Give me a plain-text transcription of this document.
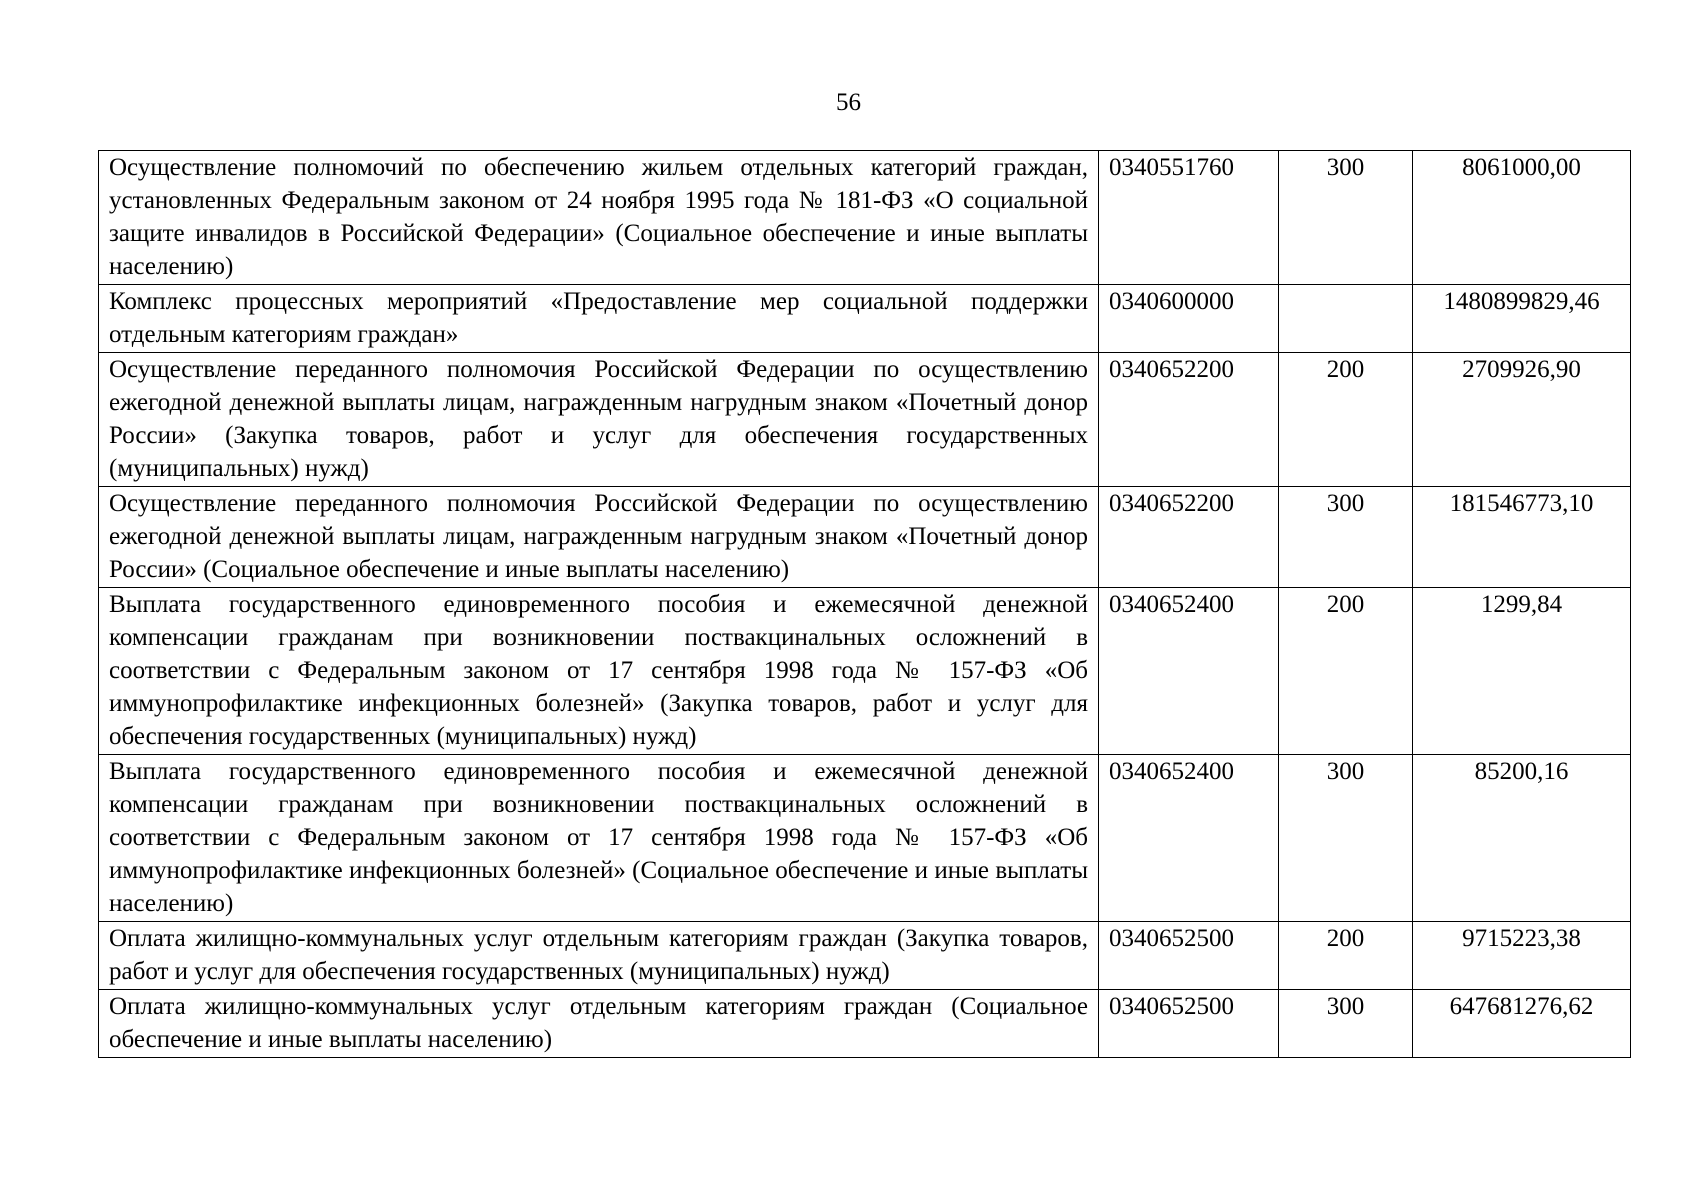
56
Осуществление полномочий по обеспечению жильем отдельных категорий граждан, установленных Федеральным законом от 24 ноября 1995 года № 181-ФЗ «О социальной защите инвалидов в Российской Федерации» (Социальное обеспечение и иные выплаты населению)	0340551760	300	8061000,00
Комплекс процессных мероприятий «Предоставление мер социальной поддержки отдельным категориям граждан»	0340600000		1480899829,46
Осуществление переданного полномочия Российской Федерации по осуществлению ежегодной денежной выплаты лицам, награжденным нагрудным знаком «Почетный донор России» (Закупка товаров, работ и услуг для обеспечения государственных (муниципальных) нужд)	0340652200	200	2709926,90
Осуществление переданного полномочия Российской Федерации по осуществлению ежегодной денежной выплаты лицам, награжденным нагрудным знаком «Почетный донор России» (Социальное обеспечение и иные выплаты населению)	0340652200	300	181546773,10
Выплата государственного единовременного пособия и ежемесячной денежной компенсации гражданам при возникновении поствакцинальных осложнений в соответствии с Федеральным законом от 17 сентября 1998 года № 157-ФЗ «Об иммунопрофилактике инфекционных болезней» (Закупка товаров, работ и услуг для обеспечения государственных (муниципальных) нужд)	0340652400	200	1299,84
Выплата государственного единовременного пособия и ежемесячной денежной компенсации гражданам при возникновении поствакцинальных осложнений в соответствии с Федеральным законом от 17 сентября 1998 года № 157-ФЗ «Об иммунопрофилактике инфекционных болезней» (Социальное обеспечение и иные выплаты населению)	0340652400	300	85200,16
Оплата жилищно-коммунальных услуг отдельным категориям граждан (Закупка товаров, работ и услуг для обеспечения государственных (муниципальных) нужд)	0340652500	200	9715223,38
Оплата жилищно-коммунальных услуг отдельным категориям граждан (Социальное обеспечение и иные выплаты населению)	0340652500	300	647681276,62
